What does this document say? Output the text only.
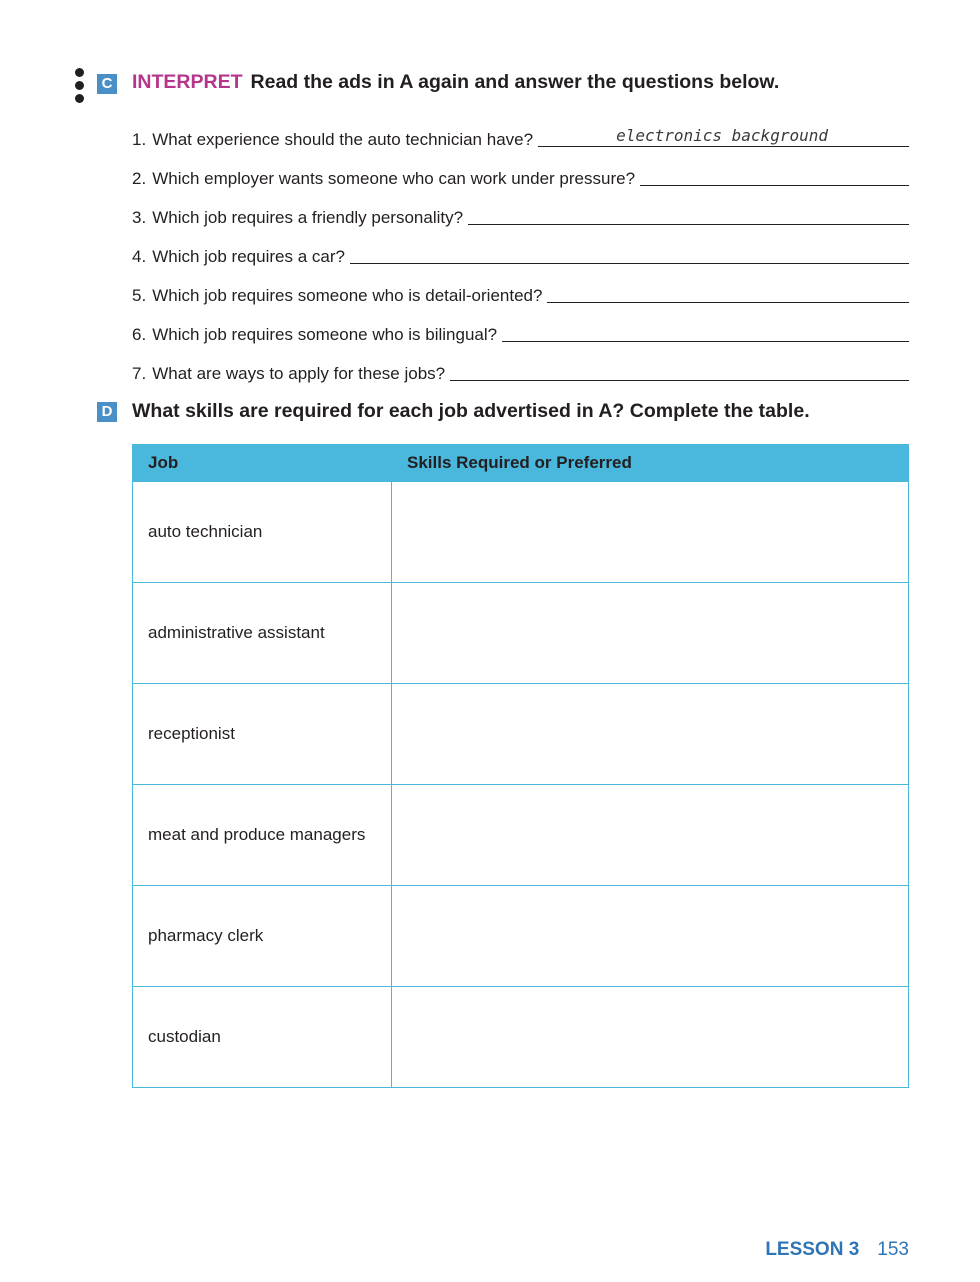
C INTERPRET Read the ads in A again and answer the questions below.
1. What experience should the auto technician have?	electronics background
2. Which employer wants someone who can work under pressure?
3. Which job requires a friendly personality?
4. Which job requires a car?
5. Which job requires someone who is detail-oriented?
6. Which job requires someone who is bilingual?
7. What are ways to apply for these jobs?
D What skills are required for each job advertised in A? Complete the table.
Job	Skills Required or Preferred
auto technician	
administrative assistant	
receptionist	
meat and produce managers	
pharmacy clerk	
custodian	
LESSON 3 153
